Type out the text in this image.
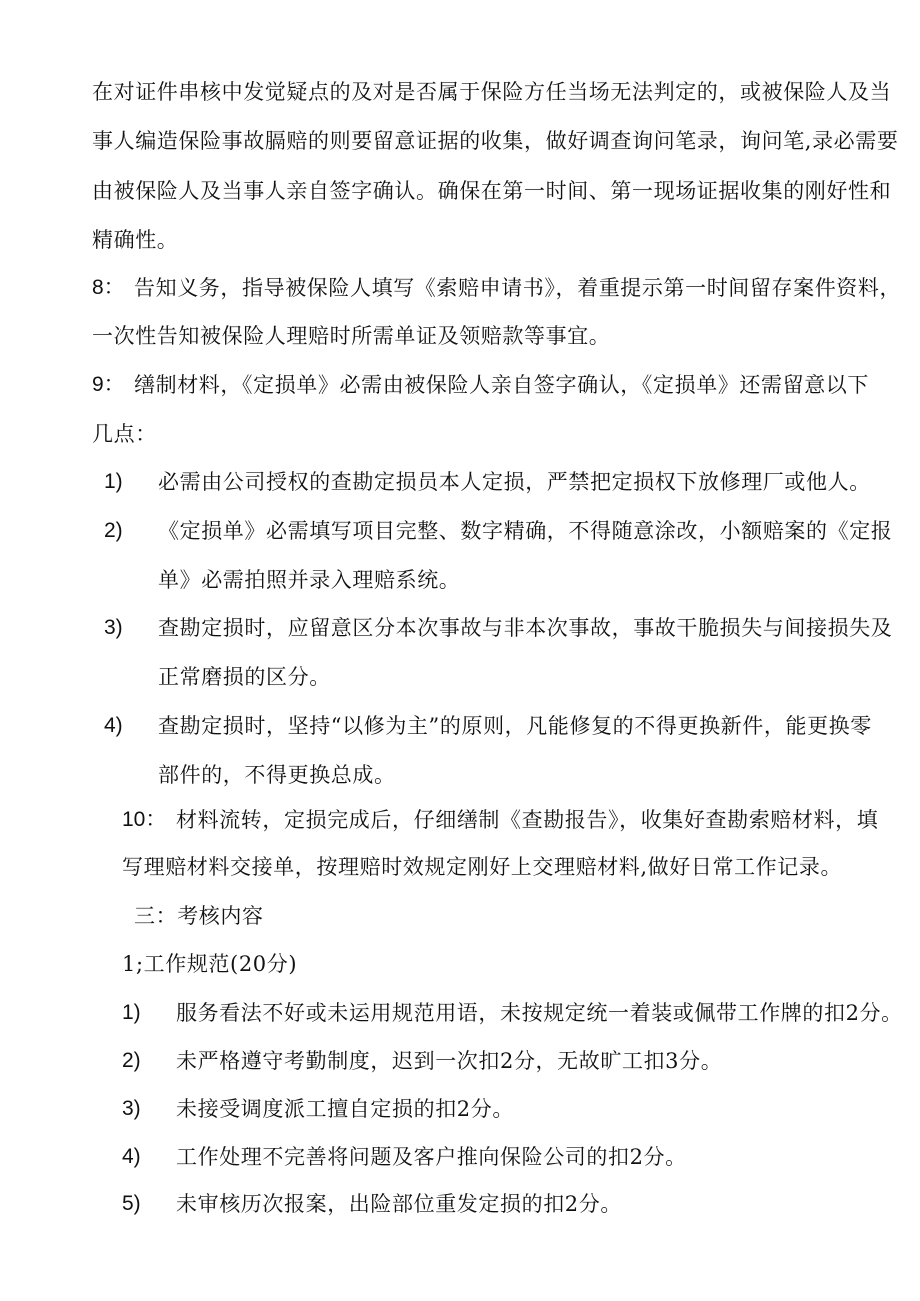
在对证件串核中发觉疑点的及对是否属于保险方任当场无法判定的，或被保险人及当
事人编造保险事故膈赔的则要留意证据的收集，做好调查询问笔录，询问笔,录必需要
由被保险人及当事人亲自签字确认。确保在第一时间、第一现场证据收集的刚好性和
精确性。
8： 告知义务，指导被保险人填写《索赔申请书》，着重提示第一时间留存案件资料，
一次性告知被保险人理赔时所需单证及领赔款等事宜。
9： 缮制材料，《定损单》必需由被保险人亲自签字确认，《定损单》还需留意以下
几点：
1) 必需由公司授权的查勘定损员本人定损，严禁把定损权下放修理厂或他人。
2) 《定损单》必需填写项目完整、数字精确，不得随意涂改，小额赔案的《定报
单》必需拍照并录入理赔系统。
3) 查勘定损时，应留意区分本次事故与非本次事故，事故干脆损失与间接损失及
正常磨损的区分。
4) 查勘定损时，坚持“以修为主”的原则，凡能修复的不得更换新件，能更换零
部件的，不得更换总成。
10： 材料流转，定损完成后，仔细缮制《查勘报告》，收集好查勘索赔材料，填
写理赔材料交接单，按理赔时效规定刚好上交理赔材料,做好日常工作记录。
三：考核内容
1;工作规范(20分)
1) 服务看法不好或未运用规范用语，未按规定统一着装或佩带工作牌的扣2分。
2) 未严格遵守考勤制度，迟到一次扣2分，无故旷工扣3分。
3) 未接受调度派工擅自定损的扣2分。
4) 工作处理不完善将问题及客户推向保险公司的扣2分。
5) 未审核历次报案，出险部位重发定损的扣2分。
